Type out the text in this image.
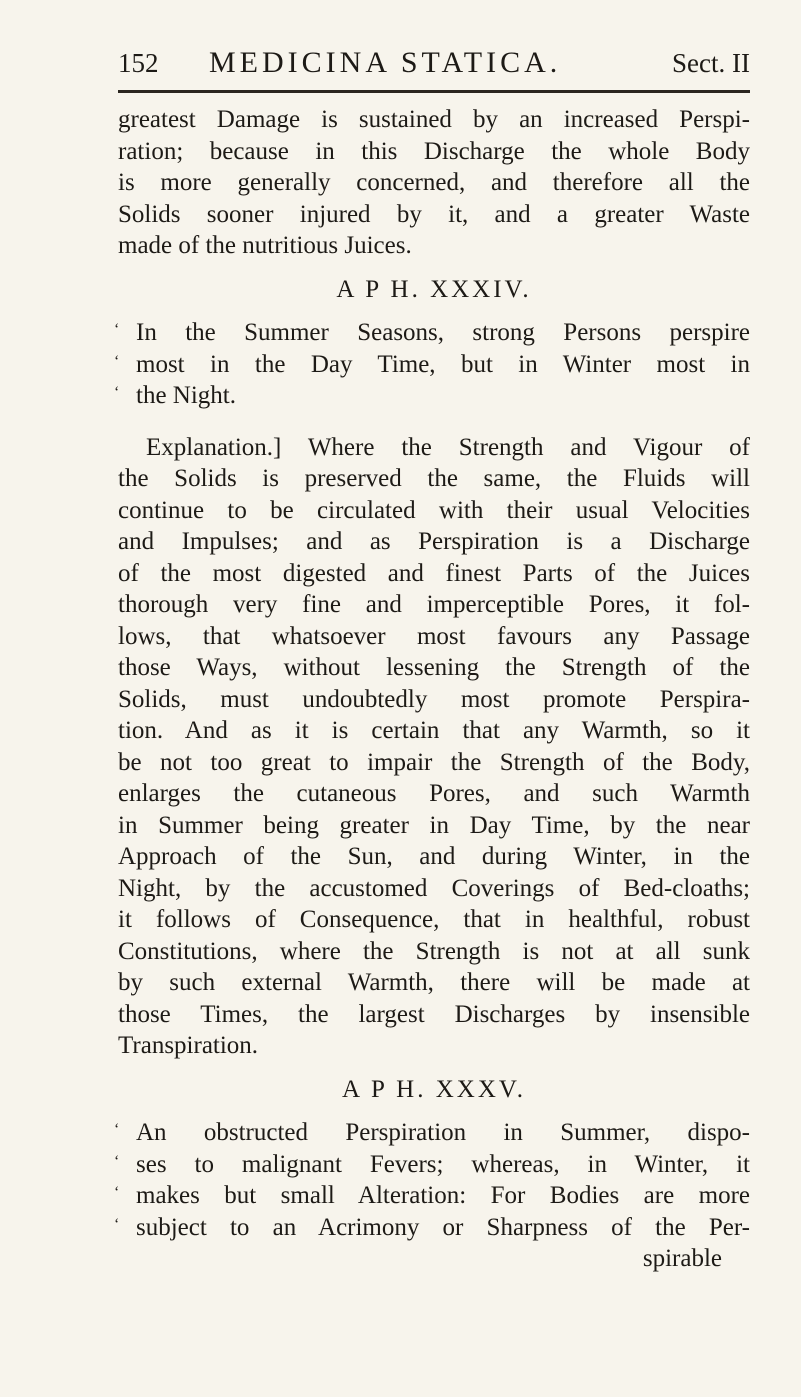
152 MEDICINA STATICA.	Sect. II
greatest Damage is sustained by an increased Perspi-
ration; because in this Discharge the whole Body
is more generally concerned, and therefore all the
Solids sooner injured by it, and a greater Waste
made of the nutritious Juices.
A P H. XXXIV.
‘ In the Summer Seasons, strong Persons perspire
‘ most in the Day Time, but in Winter most in
‘ the Night.
Explanation.] Where the Strength and Vigour of
the Solids is preserved the same, the Fluids will
continue to be circulated with their usual Velocities
and Impulses; and as Perspiration is a Discharge
of the most digested and finest Parts of the Juices
thorough very fine and imperceptible Pores, it fol-
lows, that whatsoever most favours any Passage
those Ways, without lessening the Strength of the
Solids, must undoubtedly most promote Perspira-
tion. And as it is certain that any Warmth, so it
be not too great to impair the Strength of the Body,
enlarges the cutaneous Pores, and such Warmth
in Summer being greater in Day Time, by the near
Approach of the Sun, and during Winter, in the
Night, by the accustomed Coverings of Bed-cloaths;
it follows of Consequence, that in healthful, robust
Constitutions, where the Strength is not at all sunk
by such external Warmth, there will be made at
those Times, the largest Discharges by insensible
Transpiration.
A P H. XXXV.
‘ An obstructed Perspiration in Summer, dispo-
‘ ses to malignant Fevers; whereas, in Winter, it
‘ makes but small Alteration: For Bodies are more
‘ subject to an Acrimony or Sharpness of the Per-
spirable
